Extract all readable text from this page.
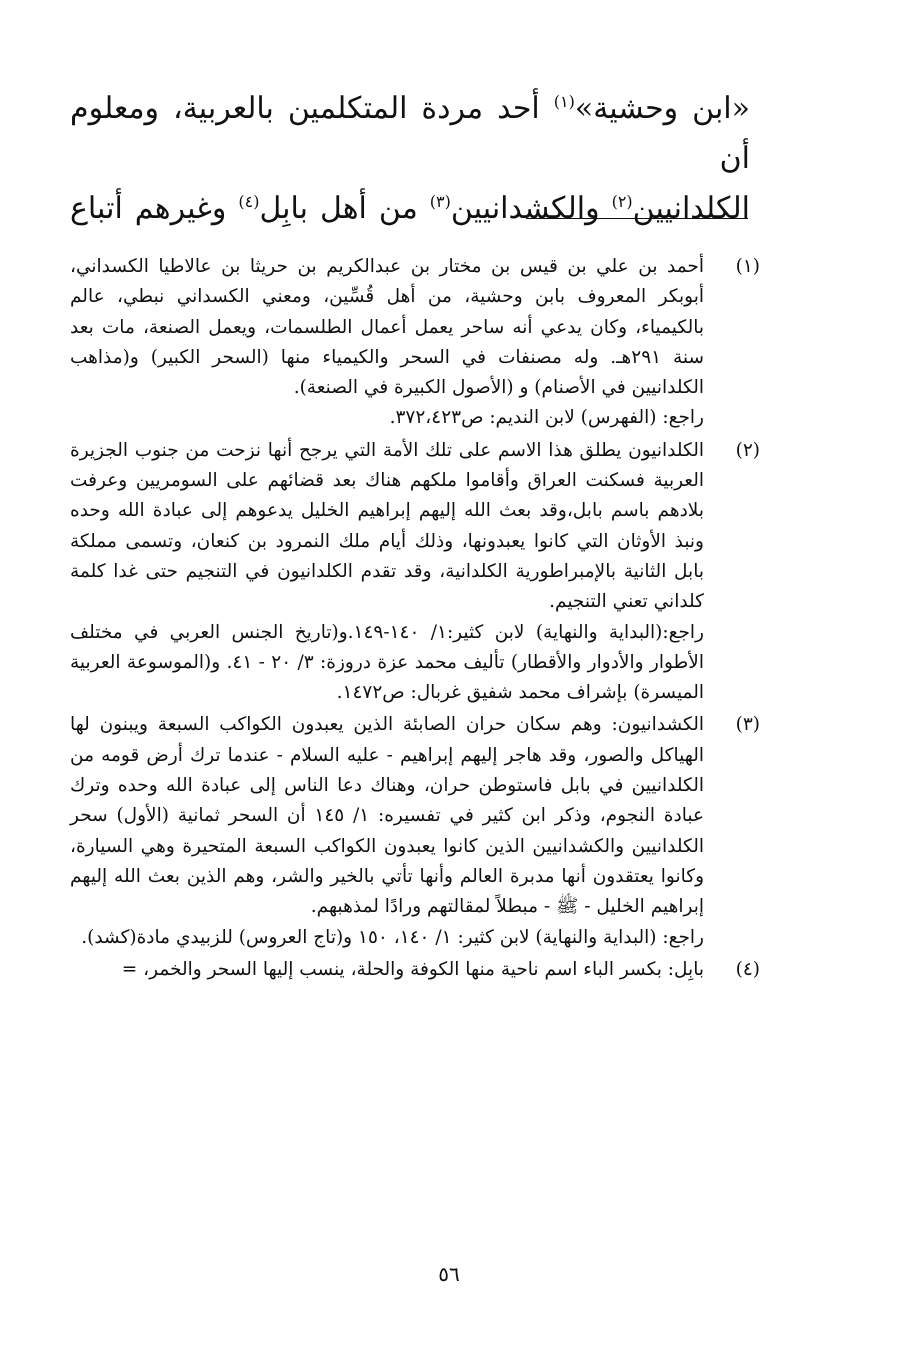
«ابن وحشية»$^{(١)}$ أحد مردة المتكلمين بالعربية، ومعلوم أن
الكلدانيين$^{(٢)}$ والكشدانيين$^{(٣)}$ من أهل بابِل$^{(٤)}$ وغيرهم أتباع

(١)

أحمد بن علي بن قيس بن مختار بن عبدالكريم بن حريثا بن عالاطيا الكسداني، أبوبكر المعروف بابن وحشية، من أهل قُسِّين، ومعني الكسداني نبطي، عالم بالكيمياء، وكان يدعي أنه ساحر يعمل أعمال الطلسمات، ويعمل الصنعة، مات بعد سنة ٢٩١هـ. وله مصنفات في السحر والكيمياء منها (السحر الكبير) و(مذاهب الكلدانيين في الأصنام) و (الأصول الكبيرة في الصنعة).

راجع: (الفهرس) لابن النديم: ص٣٧٢،٤٢٣.

(٢)

الكلدانيون يطلق هذا الاسم على تلك الأمة التي يرجح أنها نزحت من جنوب الجزيرة العربية فسكنت العراق وأقاموا ملكهم هناك بعد قضائهم على السومريين وعرفت بلادهم باسم بابل،وقد بعث الله إليهم إبراهيم الخليل يدعوهم إلى عبادة الله وحده ونبذ الأوثان التي كانوا يعبدونها، وذلك أيام ملك النمرود بن كنعان، وتسمى مملكة بابل الثانية بالإمبراطورية الكلدانية، وقد تقدم الكلدانيون في التنجيم حتى غدا كلمة كلداني تعني التنجيم.

راجع:(البداية والنهاية) لابن كثير:١/ ١٤٠-١٤٩.و(تاريخ الجنس العربي في مختلف الأطوار والأدوار والأقطار) تأليف محمد عزة دروزة: ٣/ ٢٠ - ٤١. و(الموسوعة العربية الميسرة) بإشراف محمد شفيق غربال: ص١٤٧٢.

(٣)

الكشدانيون: وهم سكان حران الصابئة الذين يعبدون الكواكب السبعة ويبنون لها الهياكل والصور، وقد هاجر إليهم إبراهيم - عليه السلام - عندما ترك أرض قومه من الكلدانيين في بابل فاستوطن حران، وهناك دعا الناس إلى عبادة الله وحده وترك عبادة النجوم، وذكر ابن كثير في تفسيره: ١/ ١٤٥ أن السحر ثمانية (الأول) سحر الكلدانيين والكشدانيين الذين كانوا يعبدون الكواكب السبعة المتحيرة وهي السيارة، وكانوا يعتقدون أنها مدبرة العالم وأنها تأتي بالخير والشر، وهم الذين بعث الله إليهم إبراهيم الخليل - ﷺ - مبطلاً لمقالتهم ورادًا لمذهبهم.

راجع: (البداية والنهاية) لابن كثير: ١/ ١٤٠، ١٥٠ و(تاج العروس) للزبيدي مادة(كشد).

(٤)

بابِل: بكسر الباء اسم ناحية منها الكوفة والحلة، ينسب إليها السحر والخمر، =

٥٦
